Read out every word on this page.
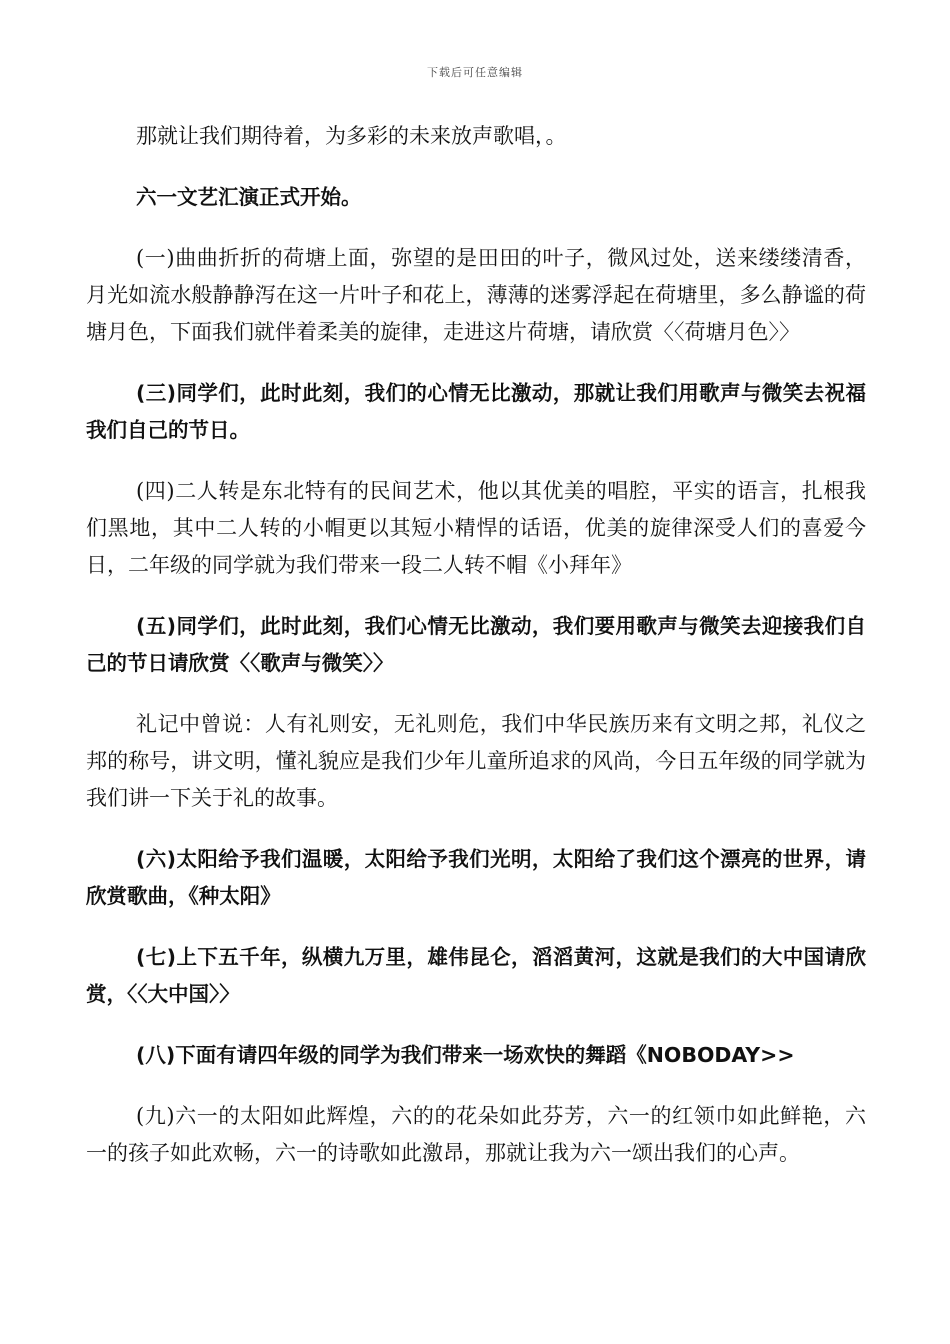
下载后可任意编辑

那就让我们期待着，为多彩的未来放声歌唱，。

六一文艺汇演正式开始。

(一)曲曲折折的荷塘上面，弥望的是田田的叶子，微风过处，送来缕缕清香，月光如流水般静静泻在这一片叶子和花上，薄薄的迷雾浮起在荷塘里，多么静谧的荷塘月色，下面我们就伴着柔美的旋律，走进这片荷塘，请欣赏〈〈荷塘月色〉〉

(三)同学们，此时此刻，我们的心情无比激动，那就让我们用歌声与微笑去祝福我们自己的节日。

(四)二人转是东北特有的民间艺术，他以其优美的唱腔，平实的语言，扎根我们黑地，其中二人转的小帽更以其短小精悍的话语，优美的旋律深受人们的喜爱今日，二年级的同学就为我们带来一段二人转不帽《小拜年》

(五)同学们，此时此刻，我们心情无比激动，我们要用歌声与微笑去迎接我们自己的节日请欣赏〈〈歌声与微笑〉〉

礼记中曾说：人有礼则安，无礼则危，我们中华民族历来有文明之邦，礼仪之邦的称号，讲文明，懂礼貌应是我们少年儿童所追求的风尚，今日五年级的同学就为我们讲一下关于礼的故事。

(六)太阳给予我们温暖，太阳给予我们光明，太阳给了我们这个漂亮的世界，请欣赏歌曲，《种太阳》

(七)上下五千年，纵横九万里，雄伟昆仑，滔滔黄河，这就是我们的大中国请欣赏，〈〈大中国〉〉

(八)下面有请四年级的同学为我们带来一场欢快的舞蹈《NOBODAY>>

(九)六一的太阳如此辉煌，六的的花朵如此芬芳，六一的红领巾如此鲜艳，六一的孩子如此欢畅，六一的诗歌如此激昂，那就让我为六一颂出我们的心声。
